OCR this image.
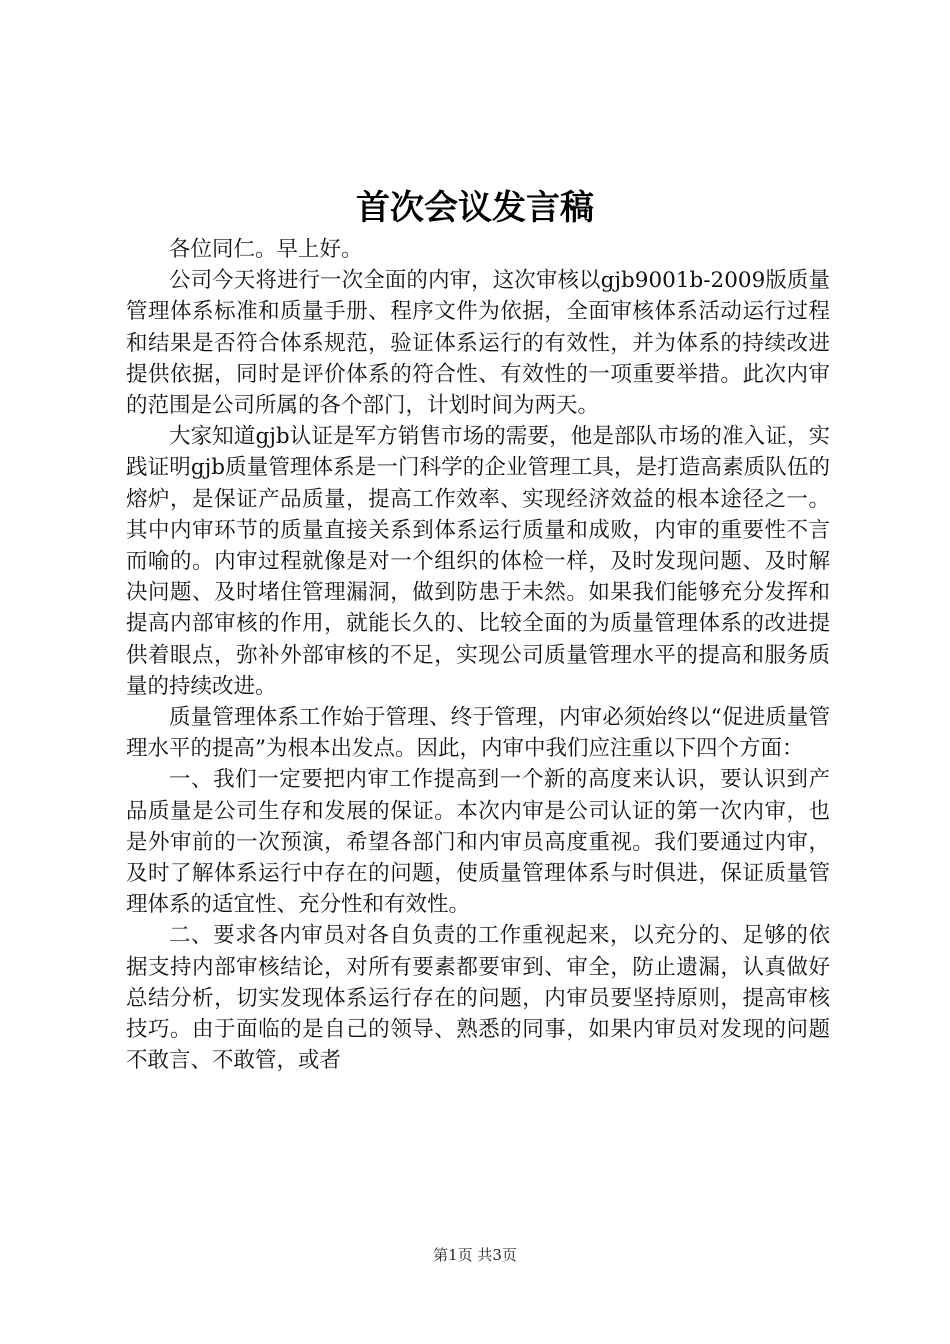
首次会议发言稿

各位同仁。早上好。

公司今天将进行一次全面的内审，这次审核以gjb9001b-2009版质量管理体系标准和质量手册、程序文件为依据，全面审核体系活动运行过程和结果是否符合体系规范，验证体系运行的有效性，并为体系的持续改进提供依据，同时是评价体系的符合性、有效性的一项重要举措。此次内审的范围是公司所属的各个部门，计划时间为两天。

大家知道gjb认证是军方销售市场的需要，他是部队市场的准入证，实践证明gjb质量管理体系是一门科学的企业管理工具，是打造高素质队伍的熔炉，是保证产品质量，提高工作效率、实现经济效益的根本途径之一。其中内审环节的质量直接关系到体系运行质量和成败，内审的重要性不言而喻的。内审过程就像是对一个组织的体检一样，及时发现问题、及时解决问题、及时堵住管理漏洞，做到防患于未然。如果我们能够充分发挥和提高内部审核的作用，就能长久的、比较全面的为质量管理体系的改进提供着眼点，弥补外部审核的不足，实现公司质量管理水平的提高和服务质量的持续改进。

质量管理体系工作始于管理、终于管理，内审必须始终以“促进质量管理水平的提高”为根本出发点。因此，内审中我们应注重以下四个方面：

一、我们一定要把内审工作提高到一个新的高度来认识，要认识到产品质量是公司生存和发展的保证。本次内审是公司认证的第一次内审，也是外审前的一次预演，希望各部门和内审员高度重视。我们要通过内审，及时了解体系运行中存在的问题，使质量管理体系与时俱进，保证质量管理体系的适宜性、充分性和有效性。

二、要求各内审员对各自负责的工作重视起来，以充分的、足够的依据支持内部审核结论，对所有要素都要审到、审全，防止遗漏，认真做好总结分析，切实发现体系运行存在的问题，内审员要坚持原则，提高审核技巧。由于面临的是自己的领导、熟悉的同事，如果内审员对发现的问题不敢言、不敢管，或者

第1页 共3页
